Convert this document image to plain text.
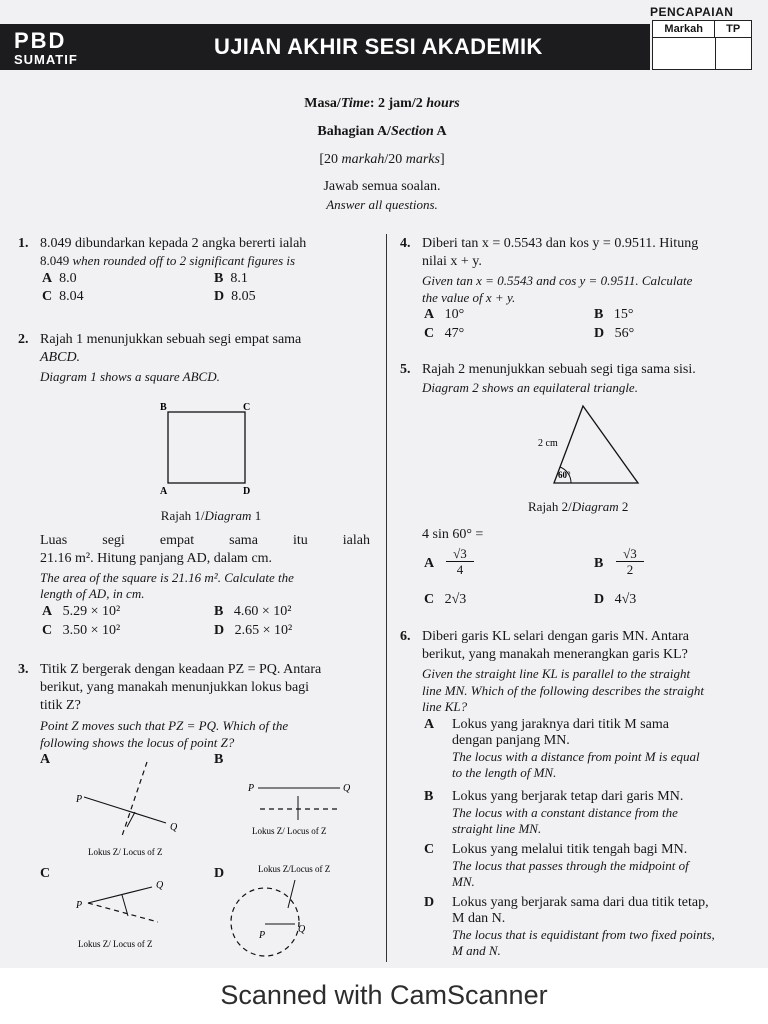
PENCAPAIAN
Markah	TP
PBD
SUMATIF
UJIAN AKHIR SESI AKADEMIK
Masa/Time: 2 jam/2 hours
Bahagian A/Section A
[20 markah/20 marks]
Jawab semua soalan.
Answer all questions.
1. 8.049 dibundarkan kepada 2 angka bererti ialah
8.049 when rounded off to 2 significant figures is
A 8.0	B 8.1
C 8.04	D 8.05
2. Rajah 1 menunjukkan sebuah segi empat sama
ABCD.
Diagram 1 shows a square ABCD.
B	C
A	D
Rajah 1/Diagram 1
Luas	segi	empat	sama	itu	ialah
21.16 m². Hitung panjang AD, dalam cm.
The area of the square is 21.16 m². Calculate the
length of AD, in cm.
A 5.29 × 10²	B 4.60 × 10²
C 3.50 × 10²	D 2.65 × 10²
3. Titik Z bergerak dengan keadaan PZ = PQ. Antara
berikut, yang manakah menunjukkan lokus bagi
titik Z?
Point Z moves such that PZ = PQ. Which of the
following shows the locus of point Z?
A	B
C	D
P
Q
Lokus Z/ Locus of Z
P	Q
Lokus Z/ Locus of Z
P
Q
Lokus Z/ Locus of Z
P
Q
Lokus Z/Locus of Z
4. Diberi tan x = 0.5543 dan kos y = 0.9511. Hitung
nilai x + y.
Given tan x = 0.5543 and cos y = 0.9511. Calculate
the value of x + y.
A 10°	B 15°
C 47°	D 56°
5. Rajah 2 menunjukkan sebuah segi tiga sama sisi.
Diagram 2 shows an equilateral triangle.
2 cm
60°
Rajah 2/Diagram 2
4 sin 60° =
A $\frac{√3}{4}$	B $\frac{√3}{2}$
C 2√3	D 4√3
6. Diberi garis KL selari dengan garis MN. Antara
berikut, yang manakah menerangkan garis KL?
Given the straight line KL is parallel to the straight
line MN. Which of the following describes the straight
line KL?
A Lokus yang jaraknya dari titik M sama
dengan panjang MN.
The locus with a distance from point M is equal
to the length of MN.
B Lokus yang berjarak tetap dari garis MN.
The locus with a constant distance from the
straight line MN.
C Lokus yang melalui titik tengah bagi MN.
The locus that passes through the midpoint of
MN.
D Lokus yang berjarak sama dari dua titik tetap,
M dan N.
The locus that is equidistant from two fixed points,
M and N.
Scanned with CamScanner
